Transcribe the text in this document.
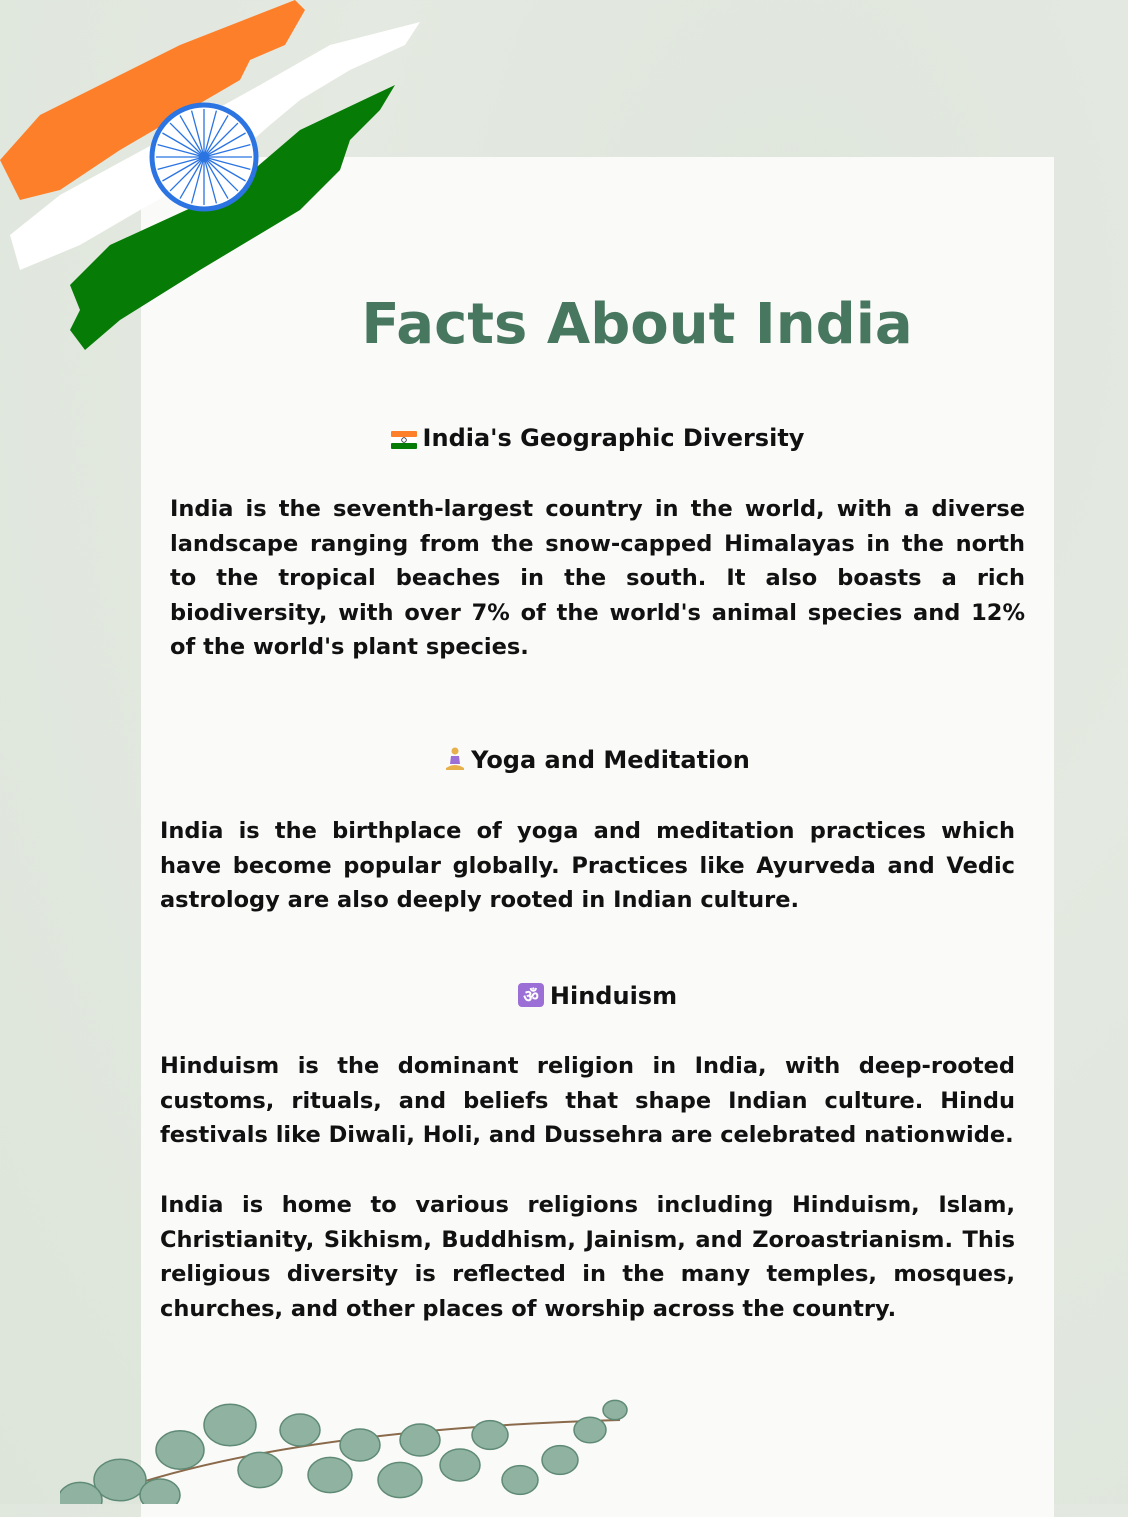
Facts About India
India's Geographic Diversity

India is the seventh-largest country in the world, with a diverse landscape ranging from the snow-capped Himalayas in the north to the tropical beaches in the south. It also boasts a rich biodiversity, with over 7% of the world's animal species and 12% of the world's plant species.

Yoga and Meditation

India is the birthplace of yoga and meditation practices which have become popular globally. Practices like Ayurveda and Vedic astrology are also deeply rooted in Indian culture.

ॐ Hinduism

Hinduism is the dominant religion in India, with deep-rooted customs, rituals, and beliefs that shape Indian culture. Hindu festivals like Diwali, Holi, and Dussehra are celebrated nationwide.

India is home to various religions including Hinduism, Islam, Christianity, Sikhism, Buddhism, Jainism, and Zoroastrianism. This religious diversity is reflected in the many temples, mosques, churches, and other places of worship across the country.
